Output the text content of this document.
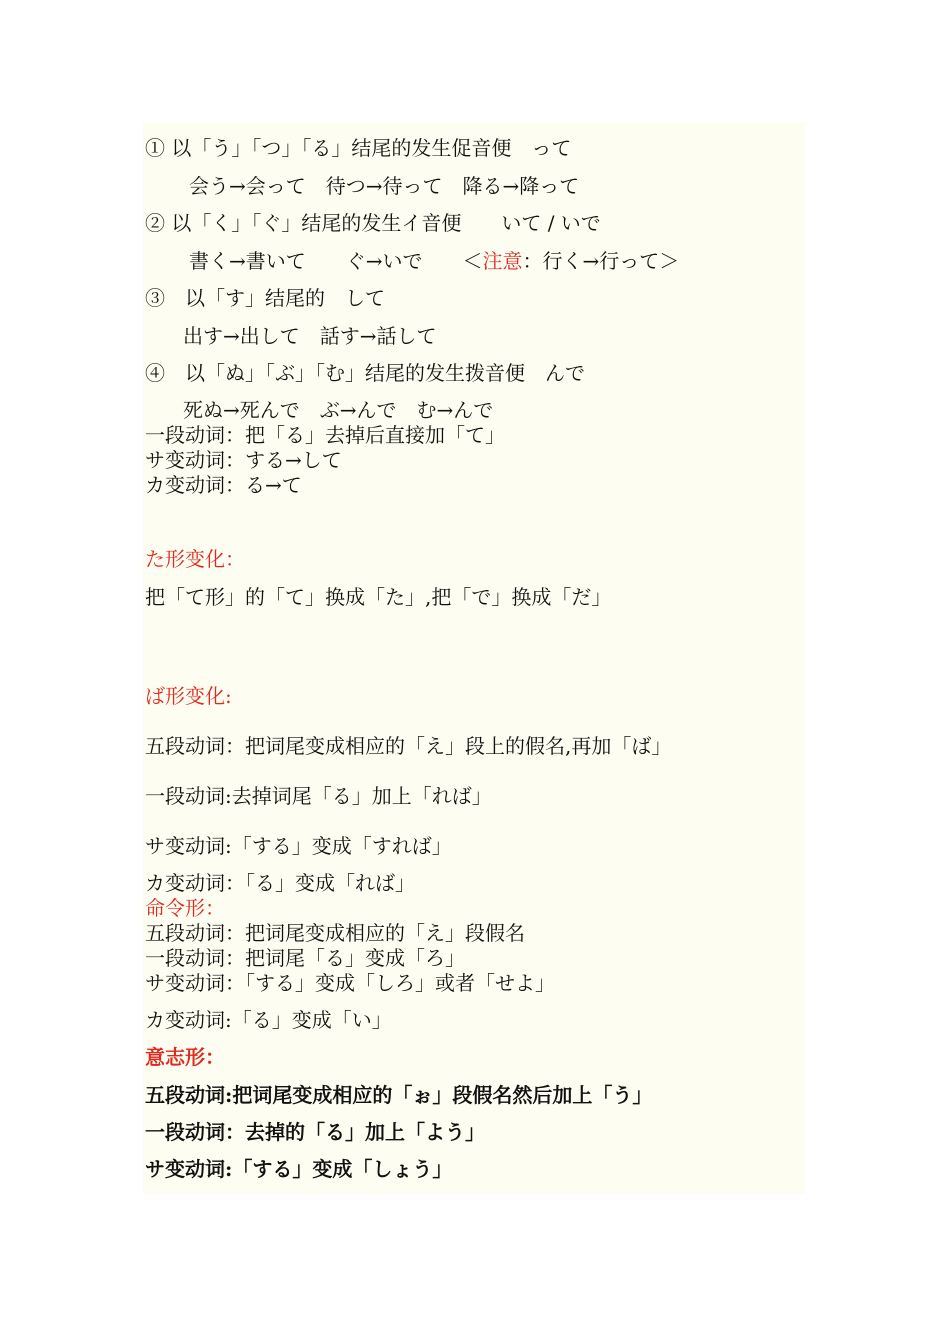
① 以「う」「つ」「る」结尾的发生促音便　って
会う→会って　待つ→待って　降る→降って
② 以「く」「ぐ」结尾的发生イ音便　　いて / いで
書く→書いて　　ぐ→いで　　＜注意：行く→行って＞
③　以「す」结尾的　して
出す→出して　話す→話して
④　以「ぬ」「ぶ」「む」结尾的发生拨音便　んで
死ぬ→死んで　ぶ→んで　む→んで
一段动词：把「る」去掉后直接加「て」
サ变动词：する→して
カ变动词：る→て
た形变化：
把「て形」的「て」换成「た」,把「で」换成「だ」
ば形变化:
五段动词：把词尾变成相应的「え」段上的假名,再加「ば」
一段动词:去掉词尾「る」加上「れば」
サ变动词:「する」变成「すれば」
カ变动词：「る」变成「れば」
命令形：
五段动词：把词尾变成相应的「え」段假名
一段动词：把词尾「る」变成「ろ」
サ变动词：「する」变成「しろ」或者「せよ」
カ变动词:「る」变成「い」
意志形：
五段动词:把词尾变成相应的「ぉ」段假名然后加上「う」
一段动词：去掉的「る」加上「よう」
サ变动词:「する」变成「しょう」
